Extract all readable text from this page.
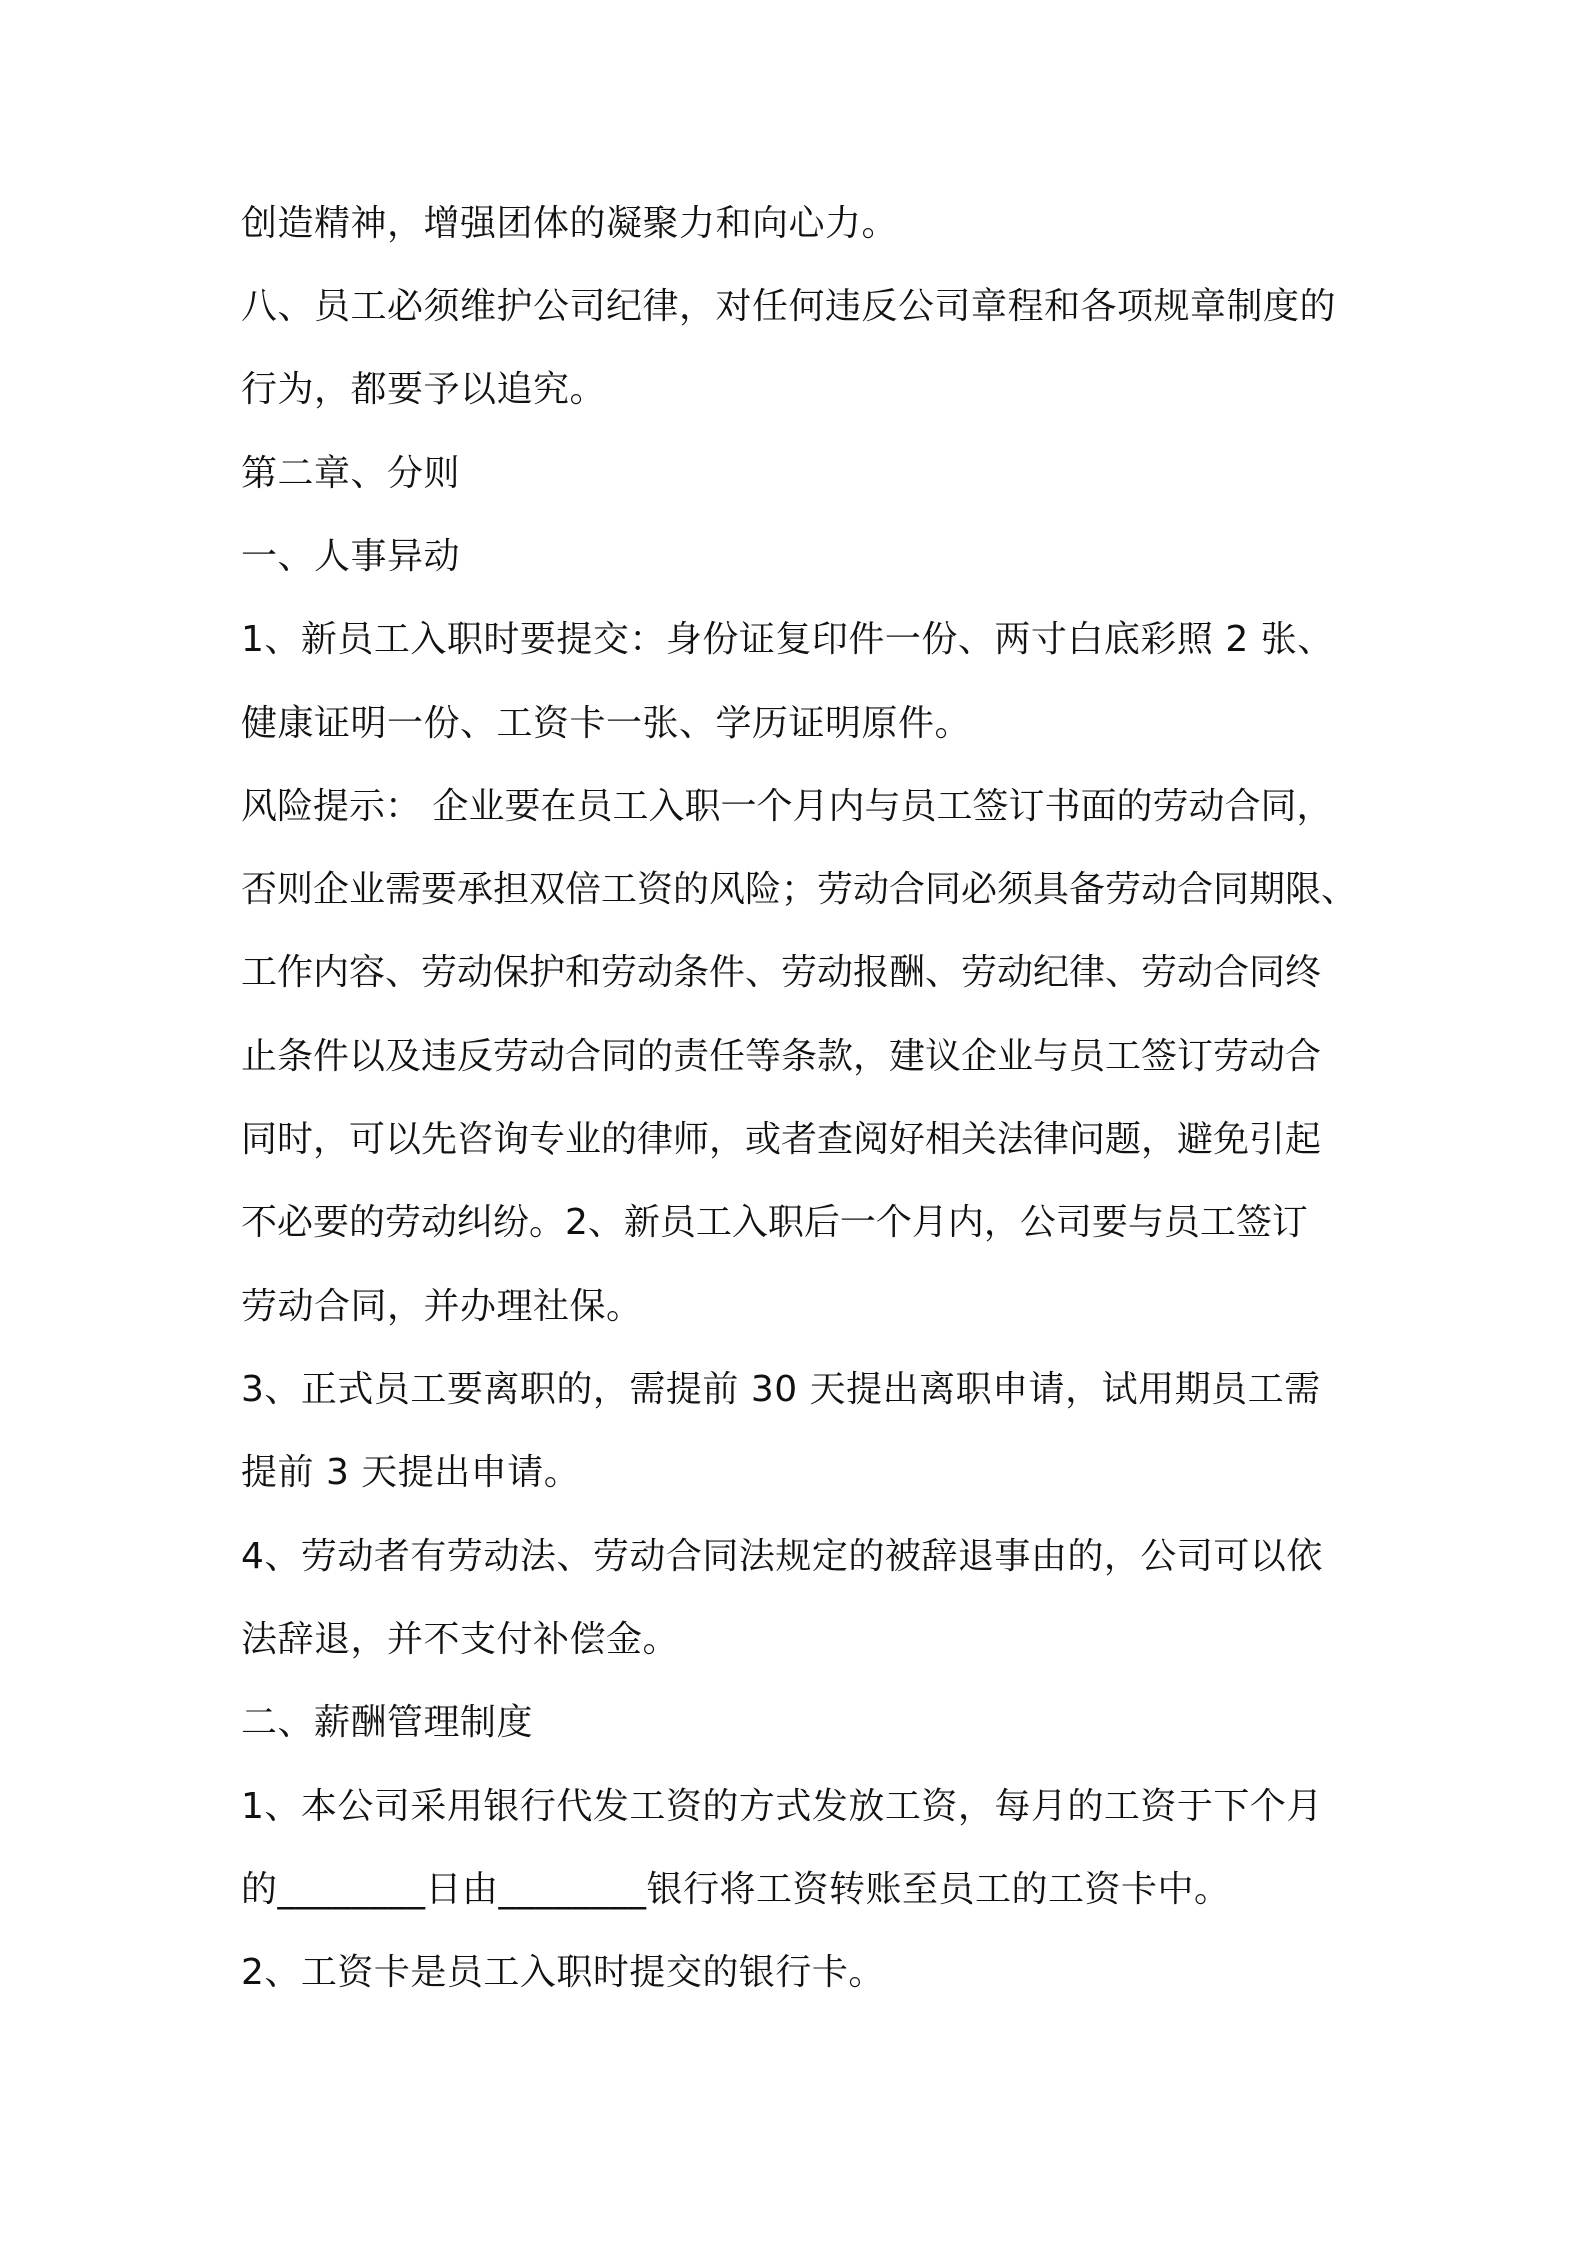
创造精神，增强团体的凝聚力和向心力。
八、员工必须维护公司纪律，对任何违反公司章程和各项规章制度的
行为，都要予以追究。
第二章、分则
一、人事异动
1、新员工入职时要提交：身份证复印件一份、两寸白底彩照 2 张、
健康证明一份、工资卡一张、学历证明原件。
风险提示： 企业要在员工入职一个月内与员工签订书面的劳动合同，
否则企业需要承担双倍工资的风险；劳动合同必须具备劳动合同期限、
工作内容、劳动保护和劳动条件、劳动报酬、劳动纪律、劳动合同终
止条件以及违反劳动合同的责任等条款，建议企业与员工签订劳动合
同时，可以先咨询专业的律师，或者查阅好相关法律问题，避免引起
不必要的劳动纠纷。2、新员工入职后一个月内，公司要与员工签订
劳动合同，并办理社保。
3、正式员工要离职的，需提前 30 天提出离职申请，试用期员工需
提前 3 天提出申请。
4、劳动者有劳动法、劳动合同法规定的被辞退事由的，公司可以依
法辞退，并不支付补偿金。
二、薪酬管理制度
1、本公司采用银行代发工资的方式发放工资，每月的工资于下个月
的________日由________银行将工资转账至员工的工资卡中。
2、工资卡是员工入职时提交的银行卡。
